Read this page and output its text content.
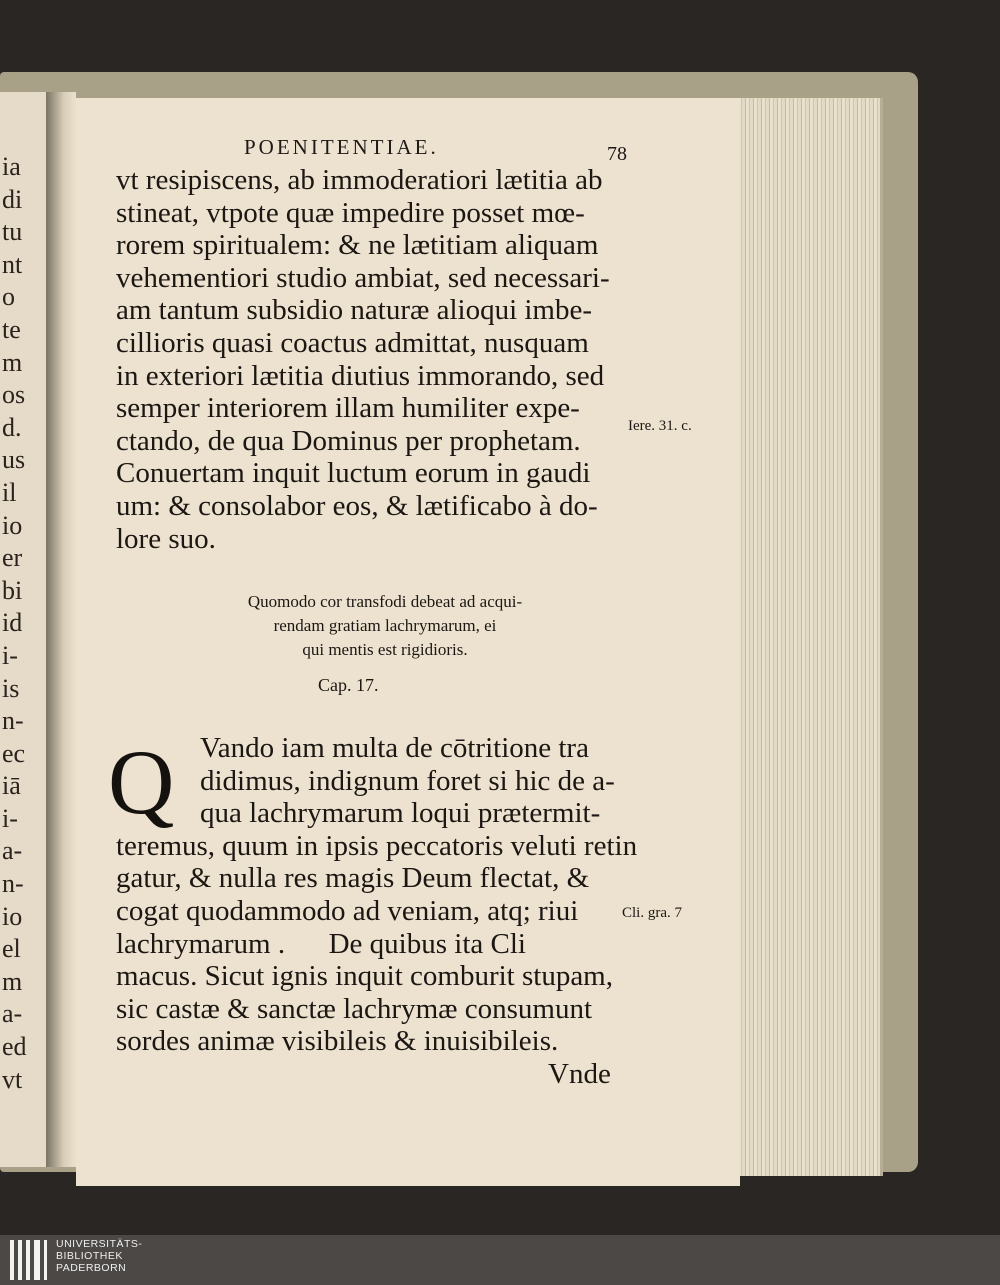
ia
di
tu
nt
o
te
m
os
d.
us
il
io
er
bi
id
i-
is
n-
ec
iā
i-
a-
n-
io
el
m
a-
ed
vt
POENITENTIAE.	78
vt resipiscens, ab immoderatiori lætitia ab
stineat, vtpote quæ impedire posset mœ-
rorem spiritualem: & ne lætitiam aliquam
vehementiori studio ambiat, sed necessari-
am tantum subsidio naturæ alioqui imbe-
cillioris quasi coactus admittat, nusquam
in exteriori lætitia diutius immorando, sed
semper interiorem illam humiliter expe-
ctando, de qua Dominus per prophetam.
Conuertam inquit luctum eorum in gaudi
um: & consolabor eos, & lætificabo à do-
lore suo.
Iere. 31. c.
Quomodo cor transfodi debeat ad acqui-
rendam gratiam lachrymarum, ei
qui mentis est rigidioris.
Cap. 17.
Q Vando iam multa de cōtritione tra
didimus, indignum foret si hic de a-
qua lachrymarum loqui prætermit-
teremus, quum in ipsis peccatoris veluti retin
gatur, & nulla res magis Deum flectat, &
cogat quodammodo ad veniam, atq; riui
lachrymarum .      De quibus ita Cli
macus. Sicut ignis inquit comburit stupam,
sic castæ & sanctæ lachrymæ consumunt
sordes animæ visibileis & inuisibileis.
Cli. gra. 7
Vnde
UNIVERSITÄTS-
BIBLIOTHEK
PADERBORN
